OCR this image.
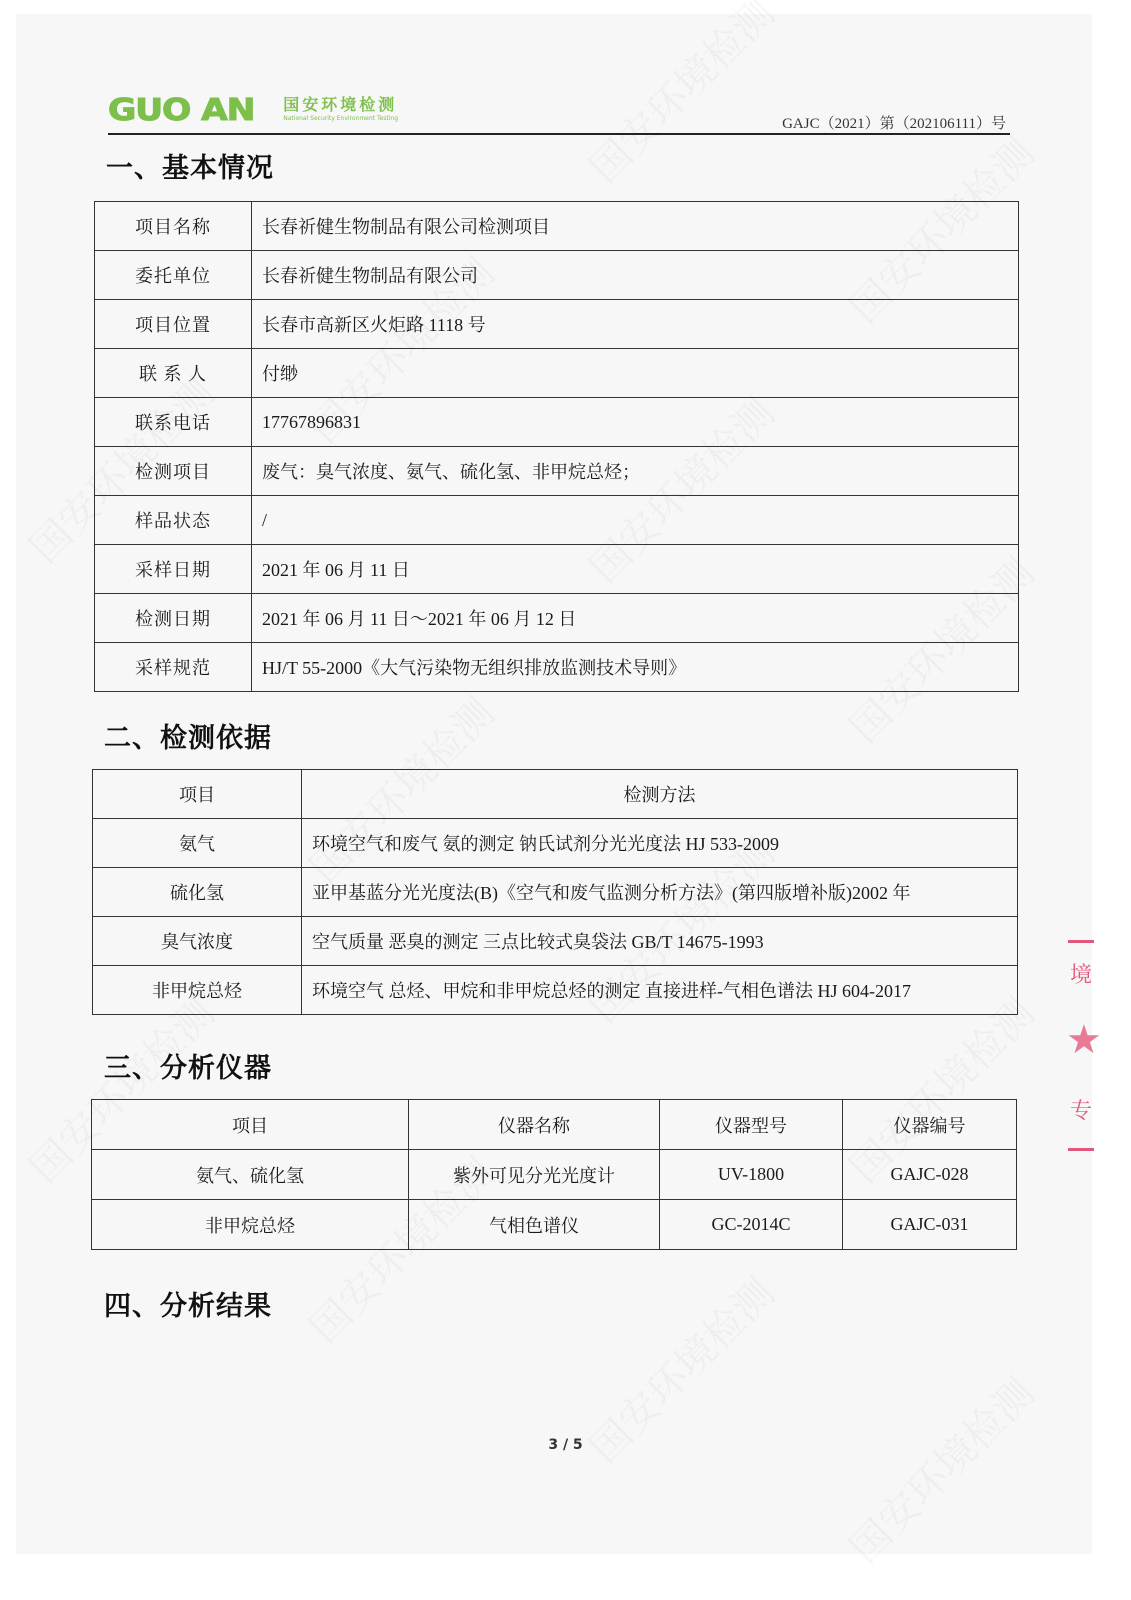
GUO AN 国安环境检测
National Security Environment Testing	GAJC（2021）第（202106111）号
一、基本情况
项目名称	长春祈健生物制品有限公司检测项目
委托单位	长春祈健生物制品有限公司
项目位置	长春市高新区火炬路 1118 号
联 系 人	付缈
联系电话	17767896831
检测项目	废气：臭气浓度、氨气、硫化氢、非甲烷总烃；
样品状态	/
采样日期	2021 年 06 月 11 日
检测日期	2021 年 06 月 11 日～2021 年 06 月 12 日
采样规范	HJ/T 55-2000《大气污染物无组织排放监测技术导则》
二、检测依据
项目	检测方法
氨气	环境空气和废气 氨的测定 钠氏试剂分光光度法 HJ 533-2009
硫化氢	亚甲基蓝分光光度法(B)《空气和废气监测分析方法》(第四版增补版)2002 年
臭气浓度	空气质量 恶臭的测定 三点比较式臭袋法 GB/T 14675-1993
非甲烷总烃	环境空气 总烃、甲烷和非甲烷总烃的测定 直接进样-气相色谱法 HJ 604-2017
三、分析仪器
项目	仪器名称	仪器型号	仪器编号
氨气、硫化氢	紫外可见分光光度计	UV-1800	GAJC-028
非甲烷总烃	气相色谱仪	GC-2014C	GAJC-031
四、分析结果
3 / 5
境
★
专
